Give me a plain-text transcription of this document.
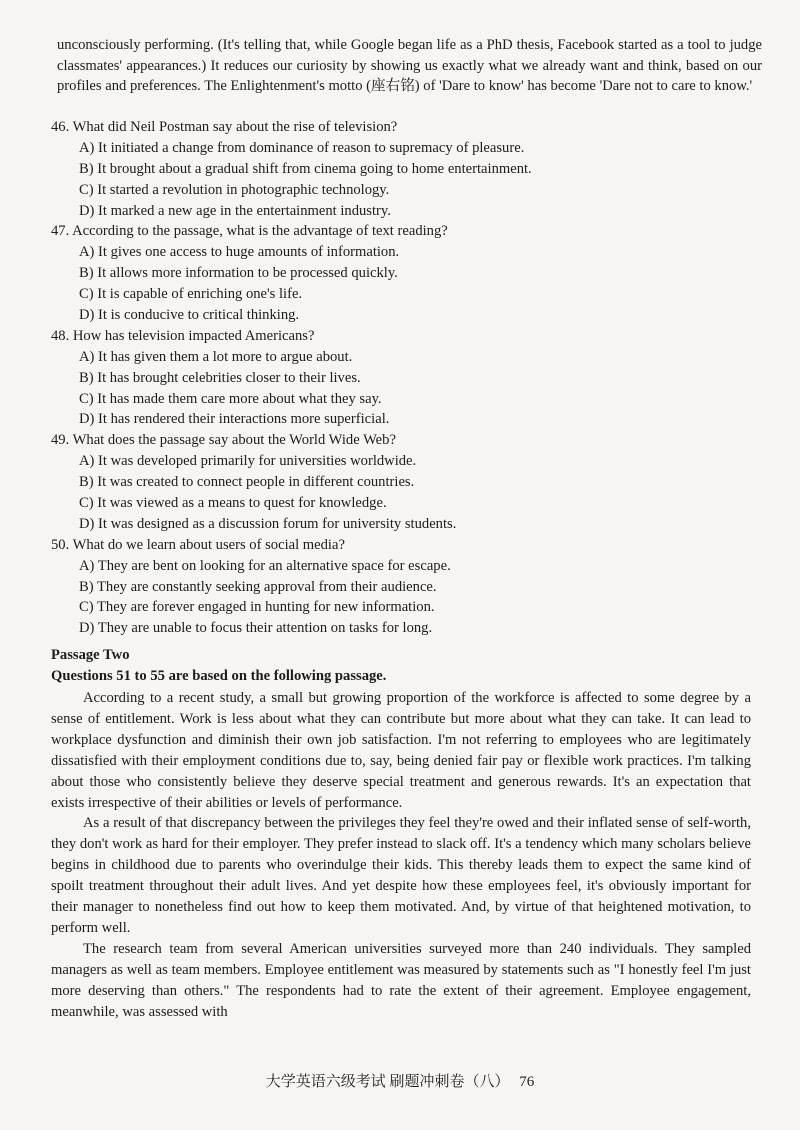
unconsciously performing. (It's telling that, while Google began life as a PhD thesis, Facebook started as a tool to judge classmates' appearances.) It reduces our curiosity by showing us exactly what we already want and think, based on our profiles and preferences. The Enlightenment's motto (座右铭) of 'Dare to know' has become 'Dare not to care to know.'

46. What did Neil Postman say about the rise of television?
A) It initiated a change from dominance of reason to supremacy of pleasure.
B) It brought about a gradual shift from cinema going to home entertainment.
C) It started a revolution in photographic technology.
D) It marked a new age in the entertainment industry.
47. According to the passage, what is the advantage of text reading?
A) It gives one access to huge amounts of information.
B) It allows more information to be processed quickly.
C) It is capable of enriching one's life.
D) It is conducive to critical thinking.
48. How has television impacted Americans?
A) It has given them a lot more to argue about.
B) It has brought celebrities closer to their lives.
C) It has made them care more about what they say.
D) It has rendered their interactions more superficial.
49. What does the passage say about the World Wide Web?
A) It was developed primarily for universities worldwide.
B) It was created to connect people in different countries.
C) It was viewed as a means to quest for knowledge.
D) It was designed as a discussion forum for university students.
50. What do we learn about users of social media?
A) They are bent on looking for an alternative space for escape.
B) They are constantly seeking approval from their audience.
C) They are forever engaged in hunting for new information.
D) They are unable to focus their attention on tasks for long.
Passage Two
Questions 51 to 55 are based on the following passage.

According to a recent study, a small but growing proportion of the workforce is affected to some degree by a sense of entitlement. Work is less about what they can contribute but more about what they can take. It can lead to workplace dysfunction and diminish their own job satisfaction. I'm not referring to employees who are legitimately dissatisfied with their employment conditions due to, say, being denied fair pay or flexible work practices. I'm talking about those who consistently believe they deserve special treatment and generous rewards. It's an expectation that exists irrespective of their abilities or levels of performance.

As a result of that discrepancy between the privileges they feel they're owed and their inflated sense of self-worth, they don't work as hard for their employer. They prefer instead to slack off. It's a tendency which many scholars believe begins in childhood due to parents who overindulge their kids. This thereby leads them to expect the same kind of spoilt treatment throughout their adult lives. And yet despite how these employees feel, it's obviously important for their manager to nonetheless find out how to keep them motivated. And, by virtue of that heightened motivation, to perform well.

The research team from several American universities surveyed more than 240 individuals. They sampled managers as well as team members. Employee entitlement was measured by statements such as "I honestly feel I'm just more deserving than others." The respondents had to rate the extent of their agreement. Employee engagement, meanwhile, was assessed with

大学英语六级考试 刷题冲刺卷（八） 76
